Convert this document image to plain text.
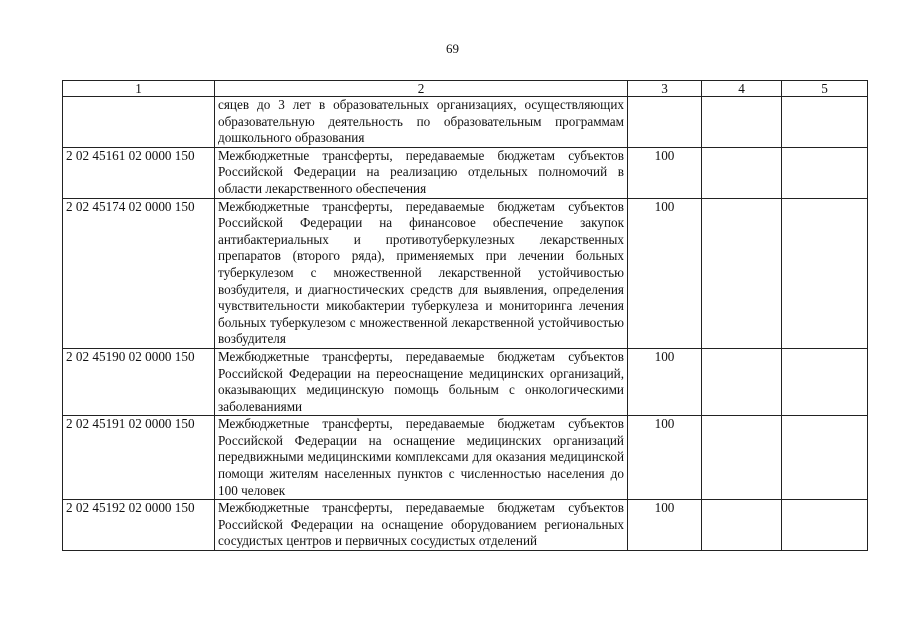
69
1	2	3	4	5
	сяцев до 3 лет в образовательных организациях, осуществляющих образовательную деятельность по образовательным программам дошкольного образования			
2 02 45161 02 0000 150	Межбюджетные трансферты, передаваемые бюджетам субъектов Российской Федерации на реализацию отдельных полномочий в области лекарственного обеспечения	100		
2 02 45174 02 0000 150	Межбюджетные трансферты, передаваемые бюджетам субъектов Российской Федерации на финансовое обеспечение закупок антибактериальных и противотуберкулезных лекарственных препаратов (второго ряда), применяемых при лечении больных туберкулезом с множественной лекарственной устойчивостью возбудителя, и диагностических средств для выявления, определения чувствительности микобактерии туберкулеза и мониторинга лечения больных туберкулезом с множественной лекарственной устойчивостью возбудителя	100		
2 02 45190 02 0000 150	Межбюджетные трансферты, передаваемые бюджетам субъектов Российской Федерации на переоснащение медицинских организаций, оказывающих медицинскую помощь больным с онкологическими заболеваниями	100		
2 02 45191 02 0000 150	Межбюджетные трансферты, передаваемые бюджетам субъектов Российской Федерации на оснащение медицинских организаций передвижными медицинскими комплексами для оказания медицинской помощи жителям населенных пунктов с численностью населения до 100 человек	100		
2 02 45192 02 0000 150	Межбюджетные трансферты, передаваемые бюджетам субъектов Российской Федерации на оснащение оборудованием региональных сосудистых центров и первичных сосудистых отделений	100		
